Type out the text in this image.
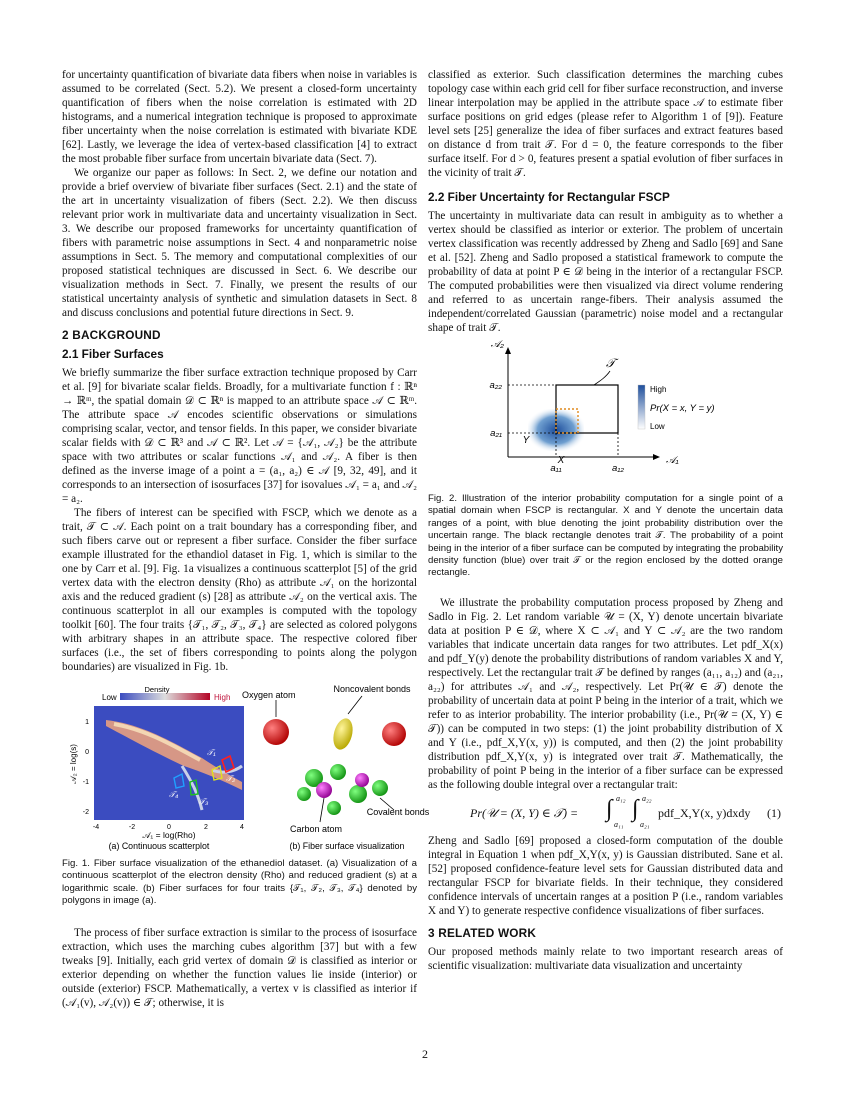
for uncertainty quantification of bivariate data fibers when noise in variables is assumed to be correlated (Sect. 5.2). We present a closed-form uncertainty quantification of fibers when the noise correlation is estimated with 2D histograms, and a numerical integration technique is proposed to approximate fiber uncertainty when the noise correlation is estimated with bivariate KDE [62]. Lastly, we leverage the idea of vertex-based classification [4] to extract the most probable fiber surface from uncertain bivariate data (Sect. 7).

We organize our paper as follows: In Sect. 2, we define our notation and provide a brief overview of bivariate fiber surfaces (Sect. 2.1) and the state of the art in uncertainty visualization of fibers (Sect. 2.2). We then discuss relevant prior work in multivariate data and uncertainty visualization in Sect. 3. We describe our proposed frameworks for uncertainty quantification of fibers with parametric noise assumptions in Sect. 4 and nonparametric noise assumptions in Sect. 5. The memory and computational complexities of our proposed statistical techniques are discussed in Sect. 6. We describe our visualization methods in Sect. 7. Finally, we present the results of our statistical uncertainty analysis of synthetic and simulation datasets in Sect. 8 and discuss conclusions and potential future directions in Sect. 9.

2 BACKGROUND
2.1 Fiber Surfaces

We briefly summarize the fiber surface extraction technique proposed by Carr et al. [9] for bivariate scalar fields. Broadly, for a multivariate function f : ℝⁿ → ℝᵐ, the spatial domain 𝒟 ⊂ ℝⁿ is mapped to an attribute space 𝒜 ⊂ ℝᵐ. The attribute space 𝒜 encodes scientific observations or simulations comprising scalar, vector, and tensor fields. In this paper, we consider bivariate scalar fields with 𝒟 ⊂ ℝ³ and 𝒜 ⊂ ℝ². Let 𝒜 = {𝒜₁, 𝒜₂} be the attribute space with two attributes or scalar functions 𝒜₁ and 𝒜₂. A fiber is then defined as the inverse image of a point a = (a₁, a₂) ∈ 𝒜 [9, 32, 49], and it corresponds to an intersection of isosurfaces [37] for isovalues 𝒜₁ = a₁ and 𝒜₂ = a₂.

The fibers of interest can be specified with FSCP, which we denote as a trait, 𝒯 ⊂ 𝒜. Each point on a trait boundary has a corresponding fiber, and such fibers carve out or represent a fiber surface. Consider the fiber surface example illustrated for the ethandiol dataset in Fig. 1, which is similar to the one by Carr et al. [9]. Fig. 1a visualizes a continuous scatterplot [5] of the grid vertex data with the electron density (Rho) as attribute 𝒜₁ on the horizontal axis and the reduced gradient (s) [28] as attribute 𝒜₂ on the vertical axis. The continuous scatterplot in all our examples is computed with the topology toolkit [60]. The four traits {𝒯₁, 𝒯₂, 𝒯₃, 𝒯₄} are selected as colored polygons with arbitrary shapes in an attribute space. The respective colored fiber surfaces (i.e., the set of fibers corresponding to points along the polygon boundaries) are visualized in Fig. 1b.

Low
Density
High
𝒯₁
𝒯₂
𝒯₃
𝒯₄
1
0
-1
-2
-4	-2	0	2	4
𝒜₂ = log(s)
𝒜₁ = log(Rho)
(a) Continuous scatterplot
Oxygen atom
Noncovalent bonds
Covalent bonds
Carbon atom
(b) Fiber surface visualization

Fig. 1. Fiber surface visualization of the ethanediol dataset. (a) Visualization of a continuous scatterplot of the electron density (Rho) and reduced gradient (s) at a logarithmic scale. (b) Fiber surfaces for four traits {𝒯₁, 𝒯₂, 𝒯₃, 𝒯₄} denoted by polygons in image (a).

The process of fiber surface extraction is similar to the process of isosurface extraction, which uses the marching cubes algorithm [37] but with a few tweaks [9]. Initially, each grid vertex of domain 𝒟 is classified as interior or exterior depending on whether the function values lie inside (interior) or outside (exterior) FSCP. Mathematically, a vertex v is classified as interior if (𝒜₁(v), 𝒜₂(v)) ∈ 𝒯; otherwise, it is

classified as exterior. Such classification determines the marching cubes topology case within each grid cell for fiber surface reconstruction, and inverse linear interpolation may be applied in the attribute space 𝒜 to estimate fiber surface positions on grid edges (please refer to Algorithm 1 of [9]). Feature level sets [25] generalize the idea of fiber surfaces and extract features based on distance d from trait 𝒯. For d = 0, the feature corresponds to the fiber surface itself. For d > 0, features present a spatial evolution of fiber surfaces in the vicinity of trait 𝒯.

2.2 Fiber Uncertainty for Rectangular FSCP

The uncertainty in multivariate data can result in ambiguity as to whether a vertex should be classified as interior or exterior. The problem of uncertain vertex classification was recently addressed by Zheng and Sadlo [69] and Sane et al. [52]. Zheng and Sadlo proposed a statistical framework to compute the probability of data at point P ∈ 𝒟 being in the interior of a rectangular FSCP. The computed probabilities were then visualized via direct volume rendering and referred to as uncertain range-fibers. Their analysis assumed the independent/correlated Gaussian (parametric) noise model and a rectangular shape of trait 𝒯.

𝒜₂
𝒜₁
a₂₂
a₂₁
a₁₁	a₁₂
X
Y
𝒯
High
Low
Pr(X = x, Y = y)

Fig. 2. Illustration of the interior probability computation for a single point of a spatial domain when FSCP is rectangular. X and Y denote the uncertain data ranges of a point, with blue denoting the joint probability distribution over the uncertain range. The black rectangle denotes trait 𝒯. The probability of a point being in the interior of a fiber surface can be computed by integrating the probability density function (blue) over trait 𝒯 or the region enclosed by the dotted orange rectangle.

We illustrate the probability computation process proposed by Zheng and Sadlo in Fig. 2. Let random variable 𝒰 = (X, Y) denote uncertain bivariate data at position P ∈ 𝒟, where X ⊂ 𝒜₁ and Y ⊂ 𝒜₂ are the two random variables that indicate uncertain data ranges for two attributes. Let pdf_X(x) and pdf_Y(y) denote the probability distributions of random variables X and Y, respectively. Let the rectangular trait 𝒯 be defined by ranges (a₁₁, a₁₂) and (a₂₁, a₂₂) for attributes 𝒜₁ and 𝒜₂, respectively. Let Pr(𝒰 ∈ 𝒯) denote the probability of uncertain data at point P being in the interior of a trait, which we refer to as interior probability. The interior probability (i.e., Pr(𝒰 = (X, Y) ∈ 𝒯)) can be computed in two steps: (1) the joint probability distribution of X and Y (i.e., pdf_X,Y(x, y)) is computed, and then (2) the joint probability distribution pdf_X,Y(x, y) is integrated over trait 𝒯. Mathematically, the probability of point P being in the interior of a fiber surface can be expressed as the following double integral over a rectangular trait:

Pr(𝒰 = (X, Y) ∈ 𝒯) = ∫ a₁₂
a₁₁
∫ a₂₂
a₂₁
pdf_X,Y(x, y)dxdy (1)

Zheng and Sadlo [69] proposed a closed-form computation of the double integral in Equation 1 when pdf_X,Y(x, y) is Gaussian distributed. Sane et al. [52] proposed confidence-feature level sets for Gaussian distributed data and rectangular FSCP for bivariate fields. In their technique, they considered confidence intervals of uncertain ranges at a position P (i.e., random variables X and Y) to generate respective confidence visualizations of fiber surfaces.

3 RELATED WORK

Our proposed methods mainly relate to two important research areas of scientific visualization: multivariate data visualization and uncertainty

2
